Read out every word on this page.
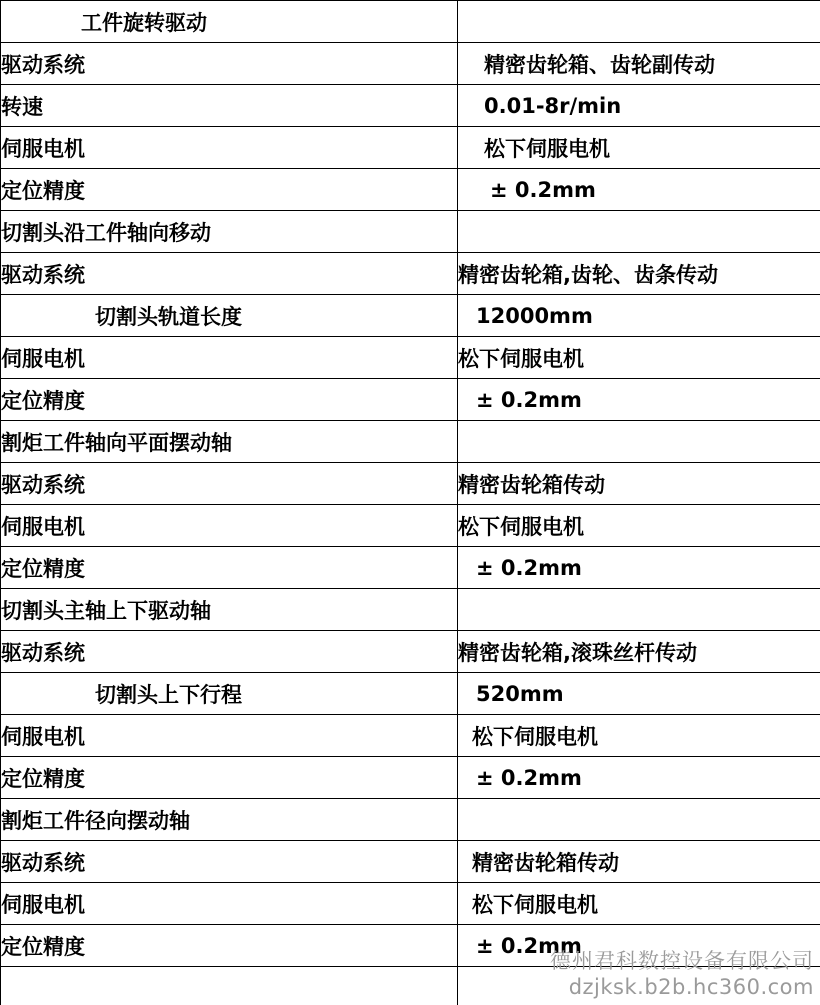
工件旋转驱动	
驱动系统	精密齿轮箱、齿轮副传动
转速	0.01-8r/min
伺服电机	松下伺服电机
定位精度	± 0.2mm
切割头沿工件轴向移动	
驱动系统	精密齿轮箱,齿轮、齿条传动
切割头轨道长度	12000mm
伺服电机	松下伺服电机
定位精度	± 0.2mm
割炬工件轴向平面摆动轴	
驱动系统	精密齿轮箱传动
伺服电机	松下伺服电机
定位精度	± 0.2mm
切割头主轴上下驱动轴	
驱动系统	精密齿轮箱,滚珠丝杆传动
切割头上下行程	520mm
伺服电机	松下伺服电机
定位精度	± 0.2mm
割炬工件径向摆动轴	
驱动系统	精密齿轮箱传动
伺服电机	松下伺服电机
定位精度	± 0.2mm

德州君科数控设备有限公司
dzjksk.b2b.hc360.com
